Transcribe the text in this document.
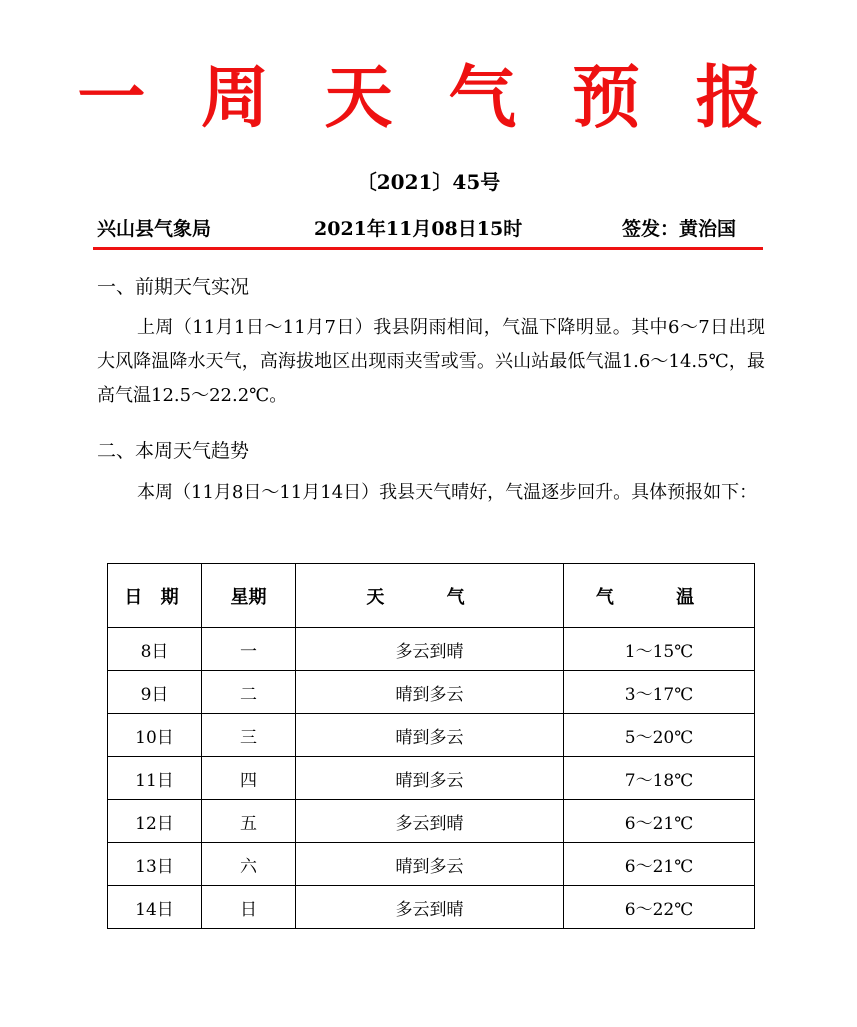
一 周 天 气 预 报
〔2021〕45号
兴山县气象局	2021年11月08日15时	签发：黄治国
一、前期天气实况

上周（11月1日～11月7日）我县阴雨相间，气温下降明显。其中6～7日出现大风降温降水天气，高海拔地区出现雨夹雪或雪。兴山站最低气温1.6～14.5℃，最高气温12.5～22.2℃。

二、本周天气趋势

本周（11月8日～11月14日）我县天气晴好，气温逐步回升。具体预报如下：

日 期	星期	天 气	气 温
8日	一	多云到晴	1～15℃
9日	二	晴到多云	3～17℃
10日	三	晴到多云	5～20℃
11日	四	晴到多云	7～18℃
12日	五	多云到晴	6～21℃
13日	六	晴到多云	6～21℃
14日	日	多云到晴	6～22℃
